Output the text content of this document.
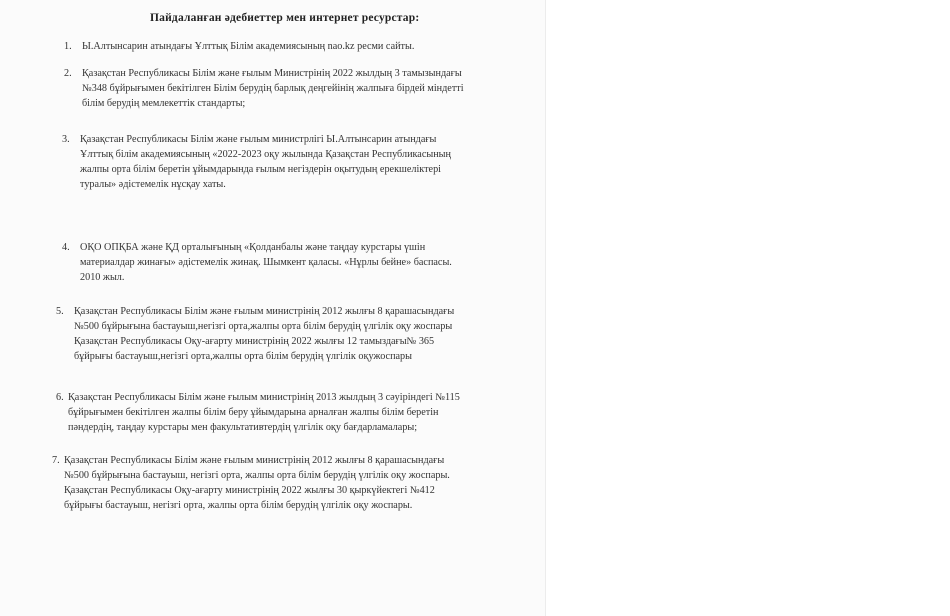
Пайдаланған әдебиеттер мен интернет ресурстар:
1. Ы.Алтынсарин атындағы Ұлттық Білім академиясының nao.kz ресми сайты.
2. Қазақстан Республикасы Білім және ғылым Министрінің 2022 жылдың 3 тамызындағы
№348 бұйрығымен бекітілген Білім берудің барлық деңгейінің жалпыға бірдей міндетті
білім берудің мемлекеттік стандарты;
3. Қазақстан Республикасы Білім және ғылым министрлігі Ы.Алтынсарин атындағы
Ұлттық білім академиясының «2022-2023 оқу жылында Қазақстан Республикасының
жалпы орта білім беретін ұйымдарында ғылым негіздерін оқытудың ерекшеліктері
туралы» әдістемелік нұсқау хаты.
4. ОҚО ОПҚБА және ҚД орталығының «Қолданбалы және таңдау курстары үшін
материалдар жинағы» әдістемелік жинақ. Шымкент қаласы. «Нұрлы бейне» баспасы.
2010 жыл.
5. Қазақстан Республикасы Білім және ғылым министрінің 2012 жылғы 8 қарашасындағы
№500 бұйрығына бастауыш,негізгі орта,жалпы орта білім берудің үлгілік оқу жоспары
Қазақстан Республикасы Оқу-ағарту министрінің 2022 жылғы 12 тамыздағы№ 365
бұйрығы бастауыш,негізгі орта,жалпы орта білім берудің үлгілік оқужоспары
6. Қазақстан Республикасы Білім және ғылым министрінің 2013 жылдың 3 сәуіріндегі №115
бұйрығымен бекітілген жалпы білім беру ұйымдарына арналған жалпы білім беретін
пәндердің, таңдау курстары мен факультативтердің үлгілік оқу бағдарламалары;
7. Қазақстан Республикасы Білім және ғылым министрінің 2012 жылғы 8 қарашасындағы
№500 бұйрығына бастауыш, негізгі орта, жалпы орта білім берудің үлгілік оқу жоспары.
Қазақстан Республикасы Оқу-ағарту министрінің 2022 жылғы 30 қыркүйектегі №412
бұйрығы бастауыш, негізгі орта, жалпы орта білім берудің үлгілік оқу жоспары.
